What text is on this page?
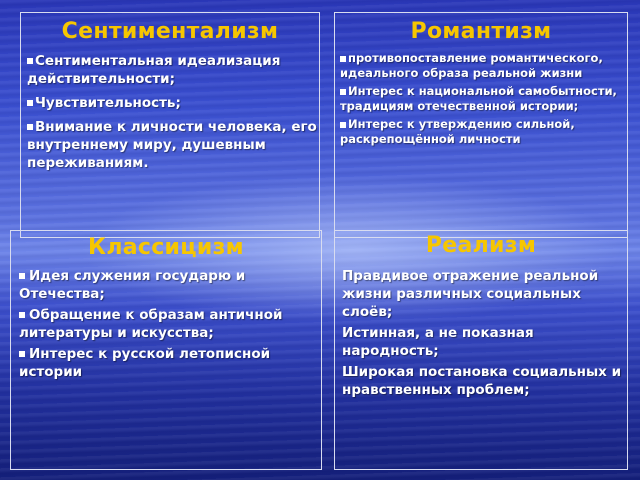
Сентиментализм
Сентиментальная идеализация действительности;
Чувствительность;
Внимание к личности человека, его внутреннему миру, душевным переживаниям.
Романтизм
противопоставление романтического, идеального образа реальной жизни
Интерес к национальной самобытности, традициям отечественной истории;
Интерес к утверждению сильной, раскрепощённой личности
Классицизм
Идея служения государю и Отечества;
Обращение к образам античной литературы и искусства;
Интерес к русской летописной истории
Реализм
Правдивое отражение реальной жизни различных социальных слоёв;
Истинная, а не показная народность;
Широкая постановка социальных и нравственных проблем;
